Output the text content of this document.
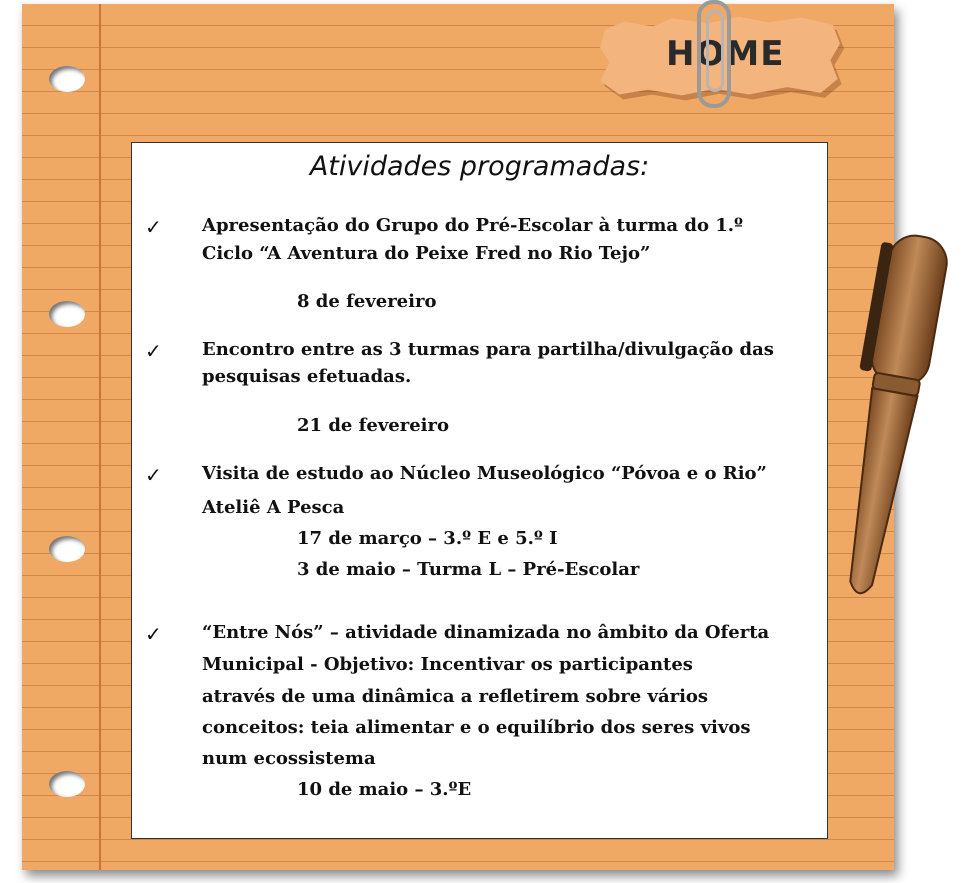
HOME
Atividades programadas:
✓ Apresentação do Grupo do Pré-Escolar à turma do 1.º
Ciclo “A Aventura do Peixe Fred no Rio Tejo”
8 de fevereiro
✓ Encontro entre as 3 turmas para partilha/divulgação das
pesquisas efetuadas.
21 de fevereiro
✓ Visita de estudo ao Núcleo Museológico “Póvoa e o Rio”
Ateliê A Pesca
17 de março – 3.º E e 5.º I
3 de maio – Turma L – Pré-Escolar
✓ “Entre Nós” – atividade dinamizada no âmbito da Oferta
Municipal - Objetivo: Incentivar os participantes
através de uma dinâmica a refletirem sobre vários
conceitos: teia alimentar e o equilíbrio dos seres vivos
num ecossistema
10 de maio – 3.ºE
